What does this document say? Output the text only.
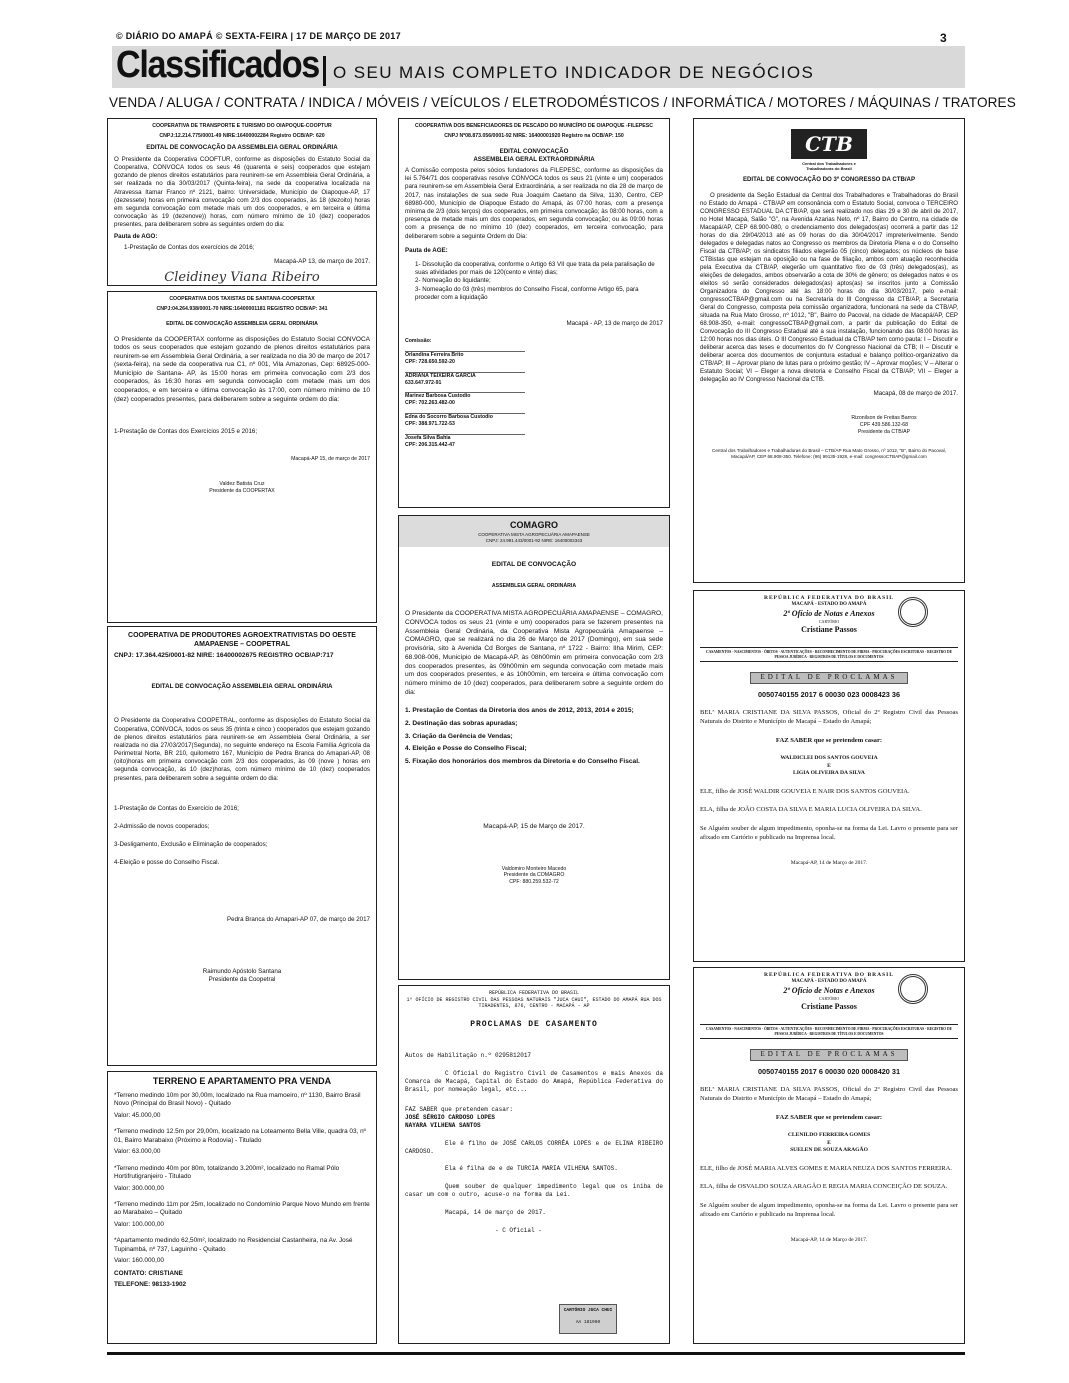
© DIÁRIO DO AMAPÁ © SEXTA-FEIRA | 17 DE MARÇO DE 2017	3
Classificados O SEU MAIS COMPLETO INDICADOR DE NEGÓCIOS
VENDA / ALUGA / CONTRATA / INDICA / MÓVEIS / VEÍCULOS / ELETRODOMÉSTICOS / INFORMÁTICA / MOTORES / MÁQUINAS / TRATORES

COOPERATIVA DE TRANSPORTE E TURISMO DO OIAPOQUE-COOPTUR

CNPJ:12.214.775/0001-49 NIRE:16400002284 Registro OCB/AP: 620

EDITAL DE CONVOCAÇÃO DA ASSEMBLEIA GERAL ORDINÁRIA

O Presidente da Cooperativa COOFTUR, conforme as disposições do Estatuto Social da Cooperativa, CONVOCA todos os seus 46 (quarenta e seis) cooperados que estejam gozando de plenos direitos estatutários para reunirem-se em Assembleia Geral Ordinária, a ser realizada no dia 30/03/2017 (Quinta-feira), na sede da cooperativa localizada na Atravessa Itamar Franco nº 2121, bairro: Universidade, Município de Oiapoque-AP, 17 (dezessete) horas em primeira convocação com 2/3 dos cooperados, às 18 (dezoito) horas em segunda convocação com metade mais um dos cooperados, e em terceira e última convocação às 19 (dezenove)) horas, com número mínimo de 10 (dez) cooperados presentes, para deliberarem sobre as seguintes ordem do dia:

Pauta de AGO:

1-Prestação de Contas dos exercícios de 2016;

Macapá-AP 13, de março de 2017.

Cleidiney Viana Ribeiro

COOPERATIVA DOS TAXISTAS DE SANTANA-COOPERTAX

CNPJ:04.264.938/0001-70 NIRE:16400001181 REGISTRO OCB/AP: 341

EDITAL DE CONVOCAÇÃO ASSEMBLEIA GERAL ORDINÁRIA

O Presidente da COOPERTAX conforme as disposições do Estatuto Social CONVOCA todos os seus cooperados que estejam gozando de plenos direitos estatutários para reunirem-se em Assembleia Geral Ordinária, a ser realizada no dia 30 de março de 2017 (sexta-feira), na sede da cooperativa rua C1, nº 001, Vila Amazonas, Cep: 68925-000- Município de Santana- AP, às 15:00 horas em primeira convocação com 2/3 dos cooperados, às 16:30 horas em segunda convocação com metade mais um dos cooperados, e em terceira e última convocação às 17:00, com número mínimo de 10 (dez) cooperados presentes, para deliberarem sobre a seguinte ordem do dia:

1-Prestação de Contas dos Exercícios 2015 e 2016;

Macapá-AP 15, de março de 2017

Valdez Batista Cruz

Presidente da COOPERTAX

COOPERATIVA DE PRODUTORES AGROEXTRATIVISTAS DO OESTE AMAPAENSE – COOPETRAL

CNPJ: 17.364.425/0001-82 NIRE: 16400002675 REGISTRO OCB/AP:717

EDITAL DE CONVOCAÇÃO ASSEMBLEIA GERAL ORDINÁRIA

O Presidente da Cooperativa COOPETRAL, conforme as disposições do Estatuto Social da Cooperativa, CONVOCA, todos os seus 35 (trinta e cinco ) cooperados que estejam gozando de plenos direitos estatutários para reunirem-se em Assembleia Geral Ordinária, a ser realizada no dia 27/03/2017(Segunda), no seguinte endereço na Escola Família Agrícola da Perimetral Norte, BR 210, quilometro 167, Município de Pedra Branca do Amapari-AP, 08 (oito)horas em primeira convocação com 2/3 dos cooperados, às 09 (nove ) horas em segunda convocação, às 10 (dez)horas, com número mínimo de 10 (dez) cooperados presentes, para deliberarem sobre a seguinte ordem do dia:

1-Prestação de Contas do Exercício de 2016;
2-Admissão de novos cooperados;
3-Desligamento, Exclusão e Eliminação de cooperados;
4-Eleição e posse do Conselho Fiscal.

Pedra Branca do Amapari-AP 07, de março de 2017

Raimundo Apóstolo Santana

Presidente da Coopetral

TERRENO E APARTAMENTO PRA VENDA

*Terreno medindo 10m por 30,00m, localizado na Rua mamoeiro, nº 1130, Bairro Brasil Novo (Principal do Brasil Novo) - Quitado

Valor: 45.000,00

*Terreno medindo 12.5m por 29,00m, localizado na Loteamento Bella Ville, quadra 03, nº 01, Bairro Marabaixo (Próximo a Rodovia) - Titulado

Valor: 63.000,00

*Terreno medindo 40m por 80m, totalizando 3.200m², localizado no Ramal Pólo Hortifrutigranjeiro - Titulado

Valor: 300.000,00

*Terreno medindo 11m por 25m, localizado no Condomínio Parque Novo Mundo em frente ao Marabaixo – Quitado

Valor: 100.000,00

*Apartamento medindo 62,50m², localizado no Residencial Castanheira, na Av. José Tupinambá, nº 737, Laguinho - Quitado

Valor: 160.000,00

CONTATO: CRISTIANE

TELEFONE: 98133-1902

COOPERATIVA DOS BENEFICIADORES DE PESCADO DO MUNICÍPIO DE OIAPOQUE -FILEPESC

CNPJ Nº08.873.056/0001-92 NIRE: 16400001920 Registro na OCB/AP: 150

EDITAL CONVOCAÇÃO

ASSEMBLEIA GERAL EXTRAORDINÁRIA

A Comissão composta pelos sócios fundadores da FILEPESC, conforme as disposições da lei 5.764/71 dos cooperativas resolve CONVOCA todos os seus 21 (vinte e um) cooperados para reunirem-se em Assembleia Geral Extraordinária, a ser realizada no dia 28 de março de 2017, nas instalações de sua sede Rua Joaquim Caetano da Silva, 1130, Centro, CEP 68980-000, Município de Oiapoque Estado do Amapá, às 07:00 horas, com a presença mínima de 2/3 (dois terços) dos cooperados, em primeira convocação; às 08:00 horas, com a presença de metade mais um dos cooperados, em segunda convocação; ou às 09:00 horas com a presença de no mínimo 10 (dez) cooperados, em terceira convocação, para deliberarem sobre a seguinte Ordem do Dia:

Pauta de AGE:

1- Dissolução da cooperativa, conforme o Artigo 63 VII que trata da pela paralisação de suas atividades por mais de 120(cento e vinte) dias;
2- Nomeação do liquidante;
3- Nomeação do 03 (três) membros do Conselho Fiscal, conforme Artigo 65, para proceder com a liquidação

Macapá - AP, 13 de março de 2017

Comissão:

Orlandina Ferreira Brito
CPF: 728.650.592-20
ADRIANA TEIXEIRA GARCIA
633.647.972-91
Marinez Barbosa Custodio
CPF: 702.263.482-00
Edna do Socorro Barbosa Custodio
CPF: 388.971.722-53
Josefa Silva Bahia
CPF: 206.315.442-47
COMAGRO
COOPERATIVA MISTA AGROPECUÁRIA AMAPAENSE
CNPJ: 24.991.443/0001-92 NIRE: 16400002343

EDITAL DE CONVOCAÇÃO

ASSEMBLEIA GERAL ORDINÁRIA

O Presidente da COOPERATIVA MISTA AGROPECUÁRIA AMAPAENSE – COMAGRO, CONVOCA todos os seus 21 (vinte e um) cooperados para se fazerem presentes na Assembleia Geral Ordinária, da Cooperativa Mista Agropecuária Amapaense – COMAGRO, que se realizará no dia 26 de Março de 2017 (Domingo), em sua sede provisória, sito à Avenida Cd Borges de Santana, nº 1722 - Bairro: Ilha Mirim, CEP: 68.908-006, Município de Macapá-AP, às 08h00min em primeira convocação com 2/3 dos cooperados presentes, às 09h00min em segunda convocação com metade mais um dos cooperados presentes, e às 10h00min, em terceira e última convocação com número mínimo de 10 (dez) cooperados, para deliberarem sobre a seguinte ordem do dia:

1. Prestação de Contas da Diretoria dos anos de 2012, 2013, 2014 e 2015;
2. Destinação das sobras apuradas;
3. Criação da Gerência de Vendas;
4. Eleição e Posse do Conselho Fiscal;
5. Fixação dos honorários dos membros da Diretoria e do Conselho Fiscal.

Macapá-AP, 15 de Março de 2017.

Valdomiro Monteiro Macedo

Presidente da COMAGRO

CPF: 880.259.532-72

REPÚBLICA FEDERATIVA DO BRASIL

1º OFÍCIO DE REGISTRO CIVIL DAS PESSOAS NATURAIS "JUCA CHUI", ESTADO DO AMAPÁ RUA DOS TIRADENTES, 876, CENTRO - MACAPÁ - AP

PROCLAMAS DE CASAMENTO

Autos de Habilitação n.º 0295812017

C Oficial do Registro Civil de Casamentos e mais Anexos da Comarca de Macapá, Capital do Estado do Amapá, República Federativa do Brasil, por nomeação legal, etc...

FAZ SABER que pretendem casar:

JOSÉ SÉRGIO CARDOSO LOPES

NAYARA VILHENA SANTOS

Ele é filho de JOSÉ CARLOS CORRÊA LOPES e de ELINA RIBEIRO CARDOSO.

Ela é filha de e de TURCIA MARIA VILHENA SANTOS.

Quem souber de qualquer impedimento legal que os iniba de casar um com o outro, acuse-o na forma da Lei.

Macapá, 14 de março de 2017.

- C Oficial -

CARTÓRIO JUCA CHUI
AA 181960
CTB

Central dos Trabalhadores e Trabalhadoras do Brasil

EDITAL DE CONVOCAÇÃO DO 3º CONGRESSO DA CTB/AP

O presidente da Seção Estadual da Central dos Trabalhadores e Trabalhadoras do Brasil no Estado do Amapá - CTB/AP em consonância com o Estatuto Social, convoca o TERCEIRO CONGRESSO ESTADUAL DA CTB/AP, que será realizado nos dias 29 e 30 de abril de 2017, no Hotel Macapá, Salão "G", na Avenida Azarias Neto, nº 17, Bairro do Centro, na cidade de Macapá/AP, CEP 68.900-080, o credenciamento dos delegados(as) ocorrerá a partir das 12 horas do dia 29/04/2013 até as 09 horas do dia 30/04/2017 impreterivelmente. Sendo delegados e delegadas natos ao Congresso os membros da Diretoria Plena e o do Conselho Fiscal da CTB/AP; os sindicatos filiados elegerão 05 (cinco) delegados; os núcleos de base CTBistas que estejam na oposição ou na fase de filiação, ambos com atuação reconhecida pela Executiva da CTB/AP, elegerão um quantitativo fixo de 03 (três) delegados(as), as eleições de delegados, ambos observarão a cota de 30% de gênero; os delegados natos e os eleitos só serão considerados delegados(as) aptos(as) se inscritos junto a Comissão Organizadora do Congresso até às 18:00 horas do dia 30/03/2017, pelo e-mail: congressoCTBAP@gmail.com ou na Secretaria do III Congresso da CTB/AP, a Secretaria Geral do Congresso, composta pela comissão organizadora, funcionará na sede da CTB/AP, situada na Rua Mato Grosso, nº 1012, "B", Bairro do Pacoval, na cidade de Macapá/AP, CEP 68.908-350, e-mail: congressoCTBAP@gmail.com, a partir da publicação do Edital de Convocação do III Congresso Estadual até a sua instalação, funcionando das 08:00 horas às 12:00 horas nos dias úteis. O III Congresso Estadual da CTB/AP tem como pauta: I – Discutir e deliberar acerca das teses e documentos do IV Congresso Nacional da CTB; II – Discutir e deliberar acerca dos documentos de conjuntura estadual e balanço político-organizativo da CTB/AP; III – Aprovar plano de lutas para o próximo gestão; IV – Aprovar moções; V – Alterar o Estatuto Social; VI – Eleger a nova diretoria e Conselho Fiscal da CTB/AP; VII – Eleger a delegação ao IV Congresso Nacional da CTB.

Macapá, 08 de março de 2017.

Rizonilson de Freitas Barros

CPF 439.586.132-68

Presidente da CTB/AP

Central dos Trabalhadores e Trabalhadoras do Brasil – CTB/AP Rua Mato Grosso, nº 1012, "B", Bairro do Pacoval, Macapá/AP, CEP 68.908-350. Telefone: (96) 99135-1928, e-mail: congressoCTBAP@gmail.com

REPÚBLICA FEDERATIVA DO BRASIL

MACAPÁ - ESTADO DO AMAPÁ

2º Ofício de Notas e Anexos

CARTÓRIO

Cristiane Passos

CASAMENTOS - NASCIMENTOS - ÓBITOS - AUTENTICAÇÕES - RECONHECIMENTO DE FIRMA - PROCURAÇÕES ESCRITURAS - REGISTRO DE PESSOA JURÍDICA - REGISTROS DE TÍTULOS E DOCUMENTOS

EDITAL DE PROCLAMAS

0050740155 2017 6 00030 023 0008423 36

BELª MARIA CRISTIANE DA SILVA PASSOS, Oficial do 2º Registro Civil das Pessoas Naturais do Distrito e Município de Macapá – Estado do Amapá;

FAZ SABER que se pretendem casar:

WALDICLEI DOS SANTOS GOUVEIA

E

LIGIA OLIVEIRA DA SILVA

ELE, filho de JOSÉ WALDIR GOUVEIA E NAIR DOS SANTOS GOUVEIA.

ELA, filha de JOÃO COSTA DA SILVA E MARIA LUCIA OLIVEIRA DA SILVA.

Se Alguém souber de algum impedimento, oponha-se na forma da Lei. Lavro o presente para ser afixado em Cartório e publicado na Imprensa local.

Macapá-AP, 14 de Março de 2017.

REPÚBLICA FEDERATIVA DO BRASIL

MACAPÁ - ESTADO DO AMAPÁ

2º Ofício de Notas e Anexos

CARTÓRIO

Cristiane Passos

CASAMENTOS - NASCIMENTOS - ÓBITOS - AUTENTICAÇÕES - RECONHECIMENTO DE FIRMA - PROCURAÇÕES ESCRITURAS - REGISTRO DE PESSOA JURÍDICA - REGISTROS DE TÍTULOS E DOCUMENTOS

EDITAL DE PROCLAMAS

0050740155 2017 6 00030 020 0008420 31

BELª MARIA CRISTIANE DA SILVA PASSOS, Oficial do 2º Registro Civil das Pessoas Naturais do Distrito e Município de Macapá – Estado do Amapá;

FAZ SABER que se pretendem casar:

CLENILDO FERREIRA GOMES

E

SUELEN DE SOUZA ARAGÃO

ELE, filho de JOSÉ MARIA ALVES GOMES E MARIA NEUZA DOS SANTOS FERREIRA.

ELA, filha de OSVALDO SOUZA ARAGÃO E REGIA MARIA CONCEIÇÃO DE SOUZA.

Se Alguém souber de algum impedimento, oponha-se na forma da Lei. Lavro o presente para ser afixado em Cartório e publicado na Imprensa local.

Macapá-AP, 14 de Março de 2017.
